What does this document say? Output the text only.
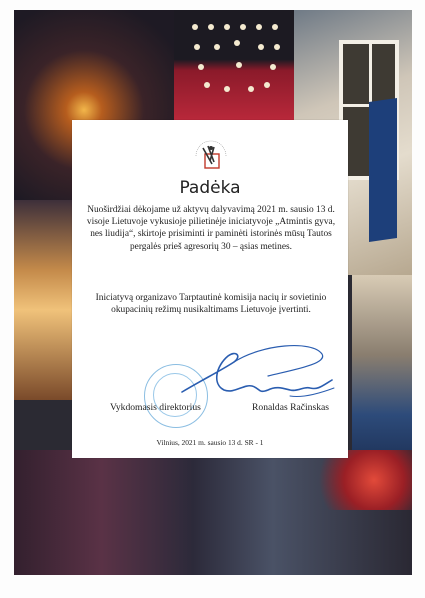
Padėka
Nuoširdžiai dėkojame už aktyvų dalyvavimą 2021 m. sausio 13 d. visoje Lietuvoje vykusioje pilietinėje iniciatyvoje „Atmintis gyva, nes liudija“, skirtoje prisiminti ir paminėti istorinės mūsų Tautos pergalės prieš agresorių 30 – ąsias metines.
Iniciatyvą organizavo Tarptautinė komisija nacių ir sovietinio okupacinių režimų nusikaltimams Lietuvoje įvertinti.
Vykdomasis direktorius	Ronaldas Račinskas
Vilnius, 2021 m. sausio 13 d. SR - 1
